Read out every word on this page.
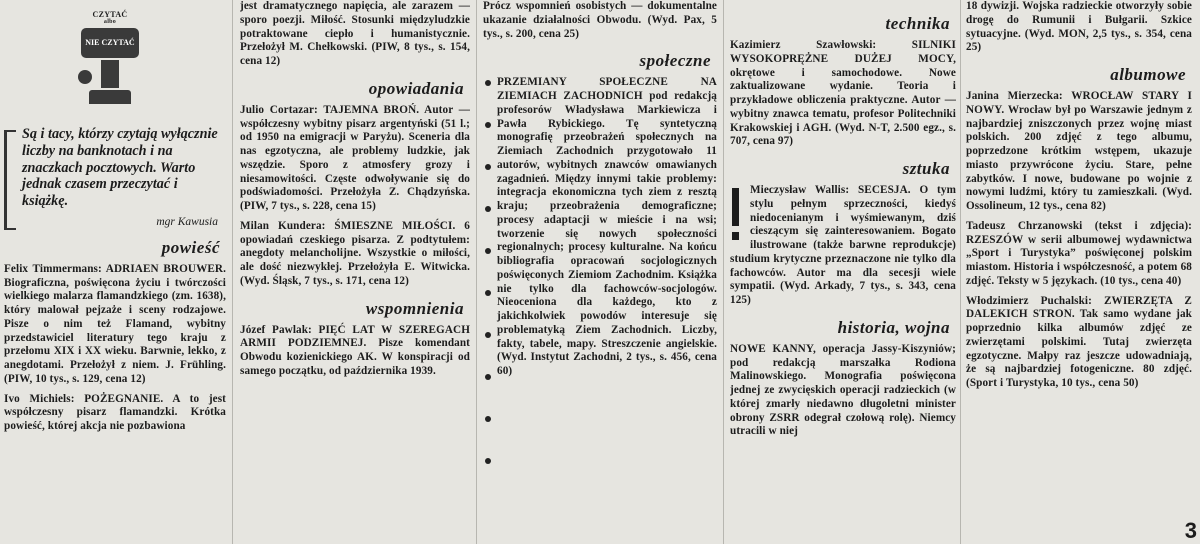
CZYTAĆ
albo
NIE CZYTAĆ
Są i tacy, którzy czytają wyłącznie liczby na banknotach i na znaczkach pocztowych. Warto jednak czasem przeczytać i książkę.
mgr Kawusia
powieść

Felix Timmermans: ADRIAEN BROUWER. Biograficzna, poświęcona życiu i twórczości wielkiego malarza flamandzkiego (zm. 1638), który malował pejzaże i sceny rodzajowe. Pisze o nim też Flamand, wybitny przedstawiciel literatury tego kraju z przełomu XIX i XX wieku. Barwnie, lekko, z anegdotami. Przełożył z niem. J. Frühling. (PIW, 10 tys., s. 129, cena 12)

Ivo Michiels: POŻEGNANIE. A to jest współczesny pisarz flamandzki. Krótka powieść, której akcja nie pozbawiona

jest dramatycznego napięcia, ale zarazem — sporo poezji. Miłość. Stosunki międzyludzkie potraktowane ciepło i humanistycznie. Przełożył M. Chełkowski. (PIW, 8 tys., s. 154, cena 12)

opowiadania

Julio Cortazar: TAJEMNA BROŃ. Autor — współczesny wybitny pisarz argentyński (51 l.; od 1950 na emigracji w Paryżu). Sceneria dla nas egzotyczna, ale problemy ludzkie, jak wszędzie. Sporo z atmosfery grozy i niesamowitości. Częste odwoływanie się do podświadomości. Przełożyła Z. Chądzyńska. (PIW, 7 tys., s. 228, cena 15)

Milan Kundera: ŚMIESZNE MIŁOŚCI. 6 opowiadań czeskiego pisarza. Z podtytułem: anegdoty melancholijne. Wszystkie o miłości, ale dość niezwykłej. Przełożyła E. Witwicka. (Wyd. Śląsk, 7 tys., s. 171, cena 12)

wspomnienia

Józef Pawlak: PIĘĆ LAT W SZEREGACH ARMII PODZIEMNEJ. Pisze komendant Obwodu kozienickiego AK. W konspiracji od samego początku, od października 1939.

Prócz wspomnień osobistych — dokumentalne ukazanie działalności Obwodu. (Wyd. Pax, 5 tys., s. 200, cena 25)

społeczne

PRZEMIANY SPOŁECZNE NA ZIEMIACH ZACHODNICH pod redakcją profesorów Władysława Markiewicza i Pawła Rybickiego. Tę syntetyczną monografię przeobrażeń społecznych na Ziemiach Zachodnich przygotowało 11 autorów, wybitnych znawców omawianych zagadnień. Między innymi takie problemy: integracja ekonomiczna tych ziem z resztą kraju; przeobrażenia demograficzne; procesy adaptacji w mieście i na wsi; tworzenie się nowych społeczności regionalnych; procesy kulturalne. Na końcu bibliografia opracowań socjologicznych poświęconych Ziemiom Zachodnim. Książka nie tylko dla fachowców-socjologów. Nieoceniona dla każdego, kto z jakichkolwiek powodów interesuje się problematyką Ziem Zachodnich. Liczby, fakty, tabele, mapy. Streszczenie angielskie. (Wyd. Instytut Zachodni, 2 tys., s. 456, cena 60)

technika

Kazimierz Szawłowski: SILNIKI WYSOKOPRĘŻNE DUŻEJ MOCY, okrętowe i samochodowe. Nowe zaktualizowane wydanie. Teoria i przykładowe obliczenia praktyczne. Autor — wybitny znawca tematu, profesor Politechniki Krakowskiej i AGH. (Wyd. N-T, 2.500 egz., s. 707, cena 97)

sztuka

Mieczysław Wallis: SECESJA. O tym stylu pełnym sprzeczności, kiedyś niedocenianym i wyśmiewanym, dziś cieszącym się zainteresowaniem. Bogato ilustrowane (także barwne reprodukcje) studium krytyczne przeznaczone nie tylko dla fachowców. Autor ma dla secesji wiele sympatii. (Wyd. Arkady, 7 tys., s. 343, cena 125)

historia, wojna

NOWE KANNY, operacja Jassy-Kiszyniów; pod redakcją marszałka Rodiona Malinowskiego. Monografia poświęcona jednej ze zwycięskich operacji radzieckich (w której zmarły niedawno długoletni minister obrony ZSRR odegrał czołową rolę). Niemcy utracili w niej

18 dywizji. Wojska radzieckie otworzyły sobie drogę do Rumunii i Bułgarii. Szkice sytuacyjne. (Wyd. MON, 2,5 tys., s. 354, cena 25)

albumowe

Janina Mierzecka: WROCŁAW STARY I NOWY. Wrocław był po Warszawie jednym z najbardziej zniszczonych przez wojnę miast polskich. 200 zdjęć z tego albumu, poprzedzone krótkim wstępem, ukazuje miasto przywrócone życiu. Stare, pełne zabytków. I nowe, budowane po wojnie z nowymi ludźmi, który tu zamieszkali. (Wyd. Ossolineum, 12 tys., cena 82)

Tadeusz Chrzanowski (tekst i zdjęcia): RZESZÓW w serii albumowej wydawnictwa „Sport i Turystyka” poświęconej polskim miastom. Historia i współczesność, a potem 68 zdjęć. Teksty w 5 językach. (10 tys., cena 40)

Włodzimierz Puchalski: ZWIERZĘTA Z DALEKICH STRON. Tak samo wydane jak poprzednio kilka albumów zdjęć ze zwierzętami polskimi. Tutaj zwierzęta egzotyczne. Małpy raz jeszcze udowadniają, że są najbardziej fotogeniczne. 80 zdjęć. (Sport i Turystyka, 10 tys., cena 50)

3
